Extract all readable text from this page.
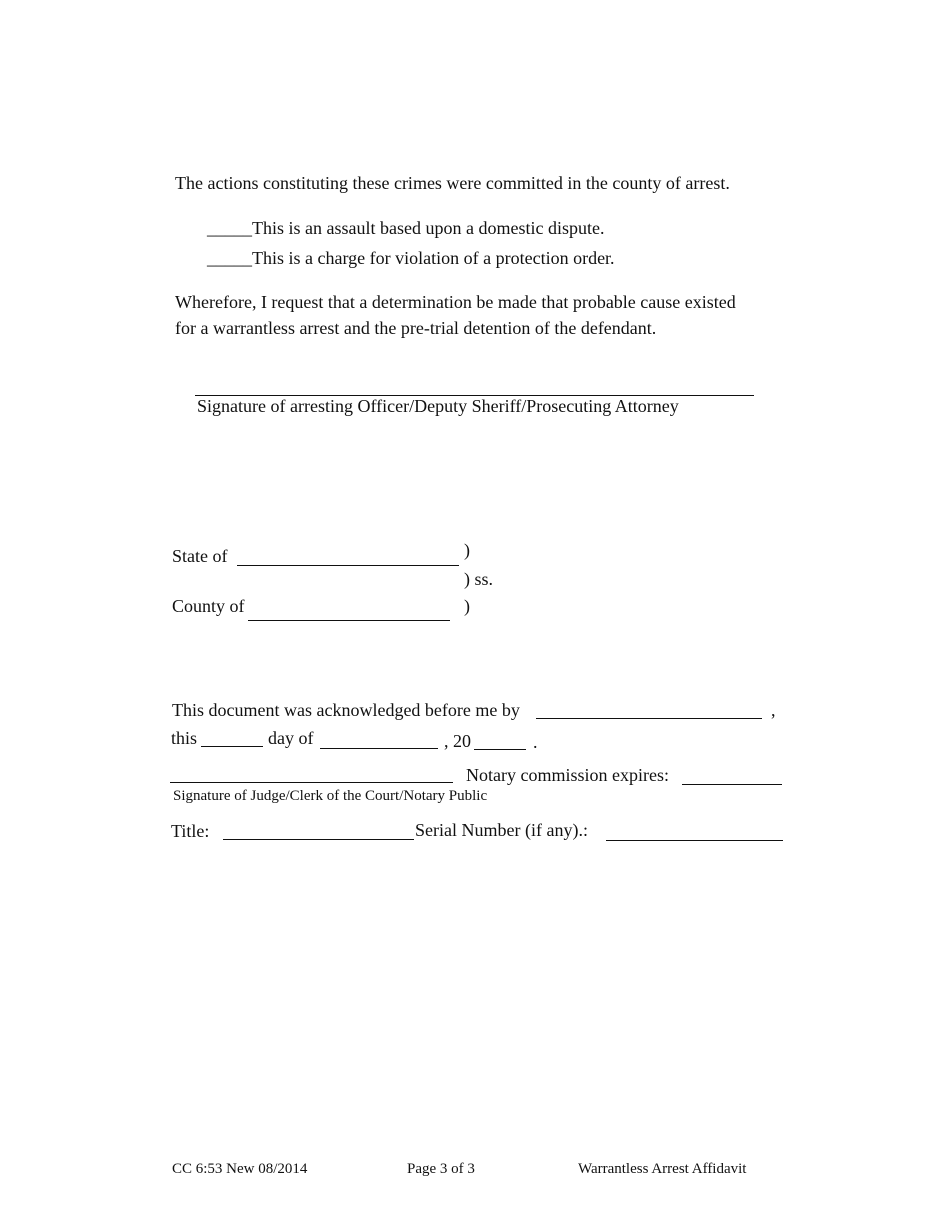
The actions constituting these crimes were committed in the county of arrest.
_____This is an assault based upon a domestic dispute.
_____This is a charge for violation of a protection order.
Wherefore, I request that a determination be made that probable cause existed
for a warrantless arrest and the pre-trial detention of the defendant.
Signature of arresting Officer/Deputy Sheriff/Prosecuting Attorney
State of	)
) ss.
County of	)
This document was acknowledged before me by	,
this	day of	, 20	.
Notary commission expires:
Signature of Judge/Clerk of the Court/Notary Public
Title:	Serial Number (if any).:
CC 6:53 New 08/2014	Page 3 of 3	Warrantless Arrest Affidavit
